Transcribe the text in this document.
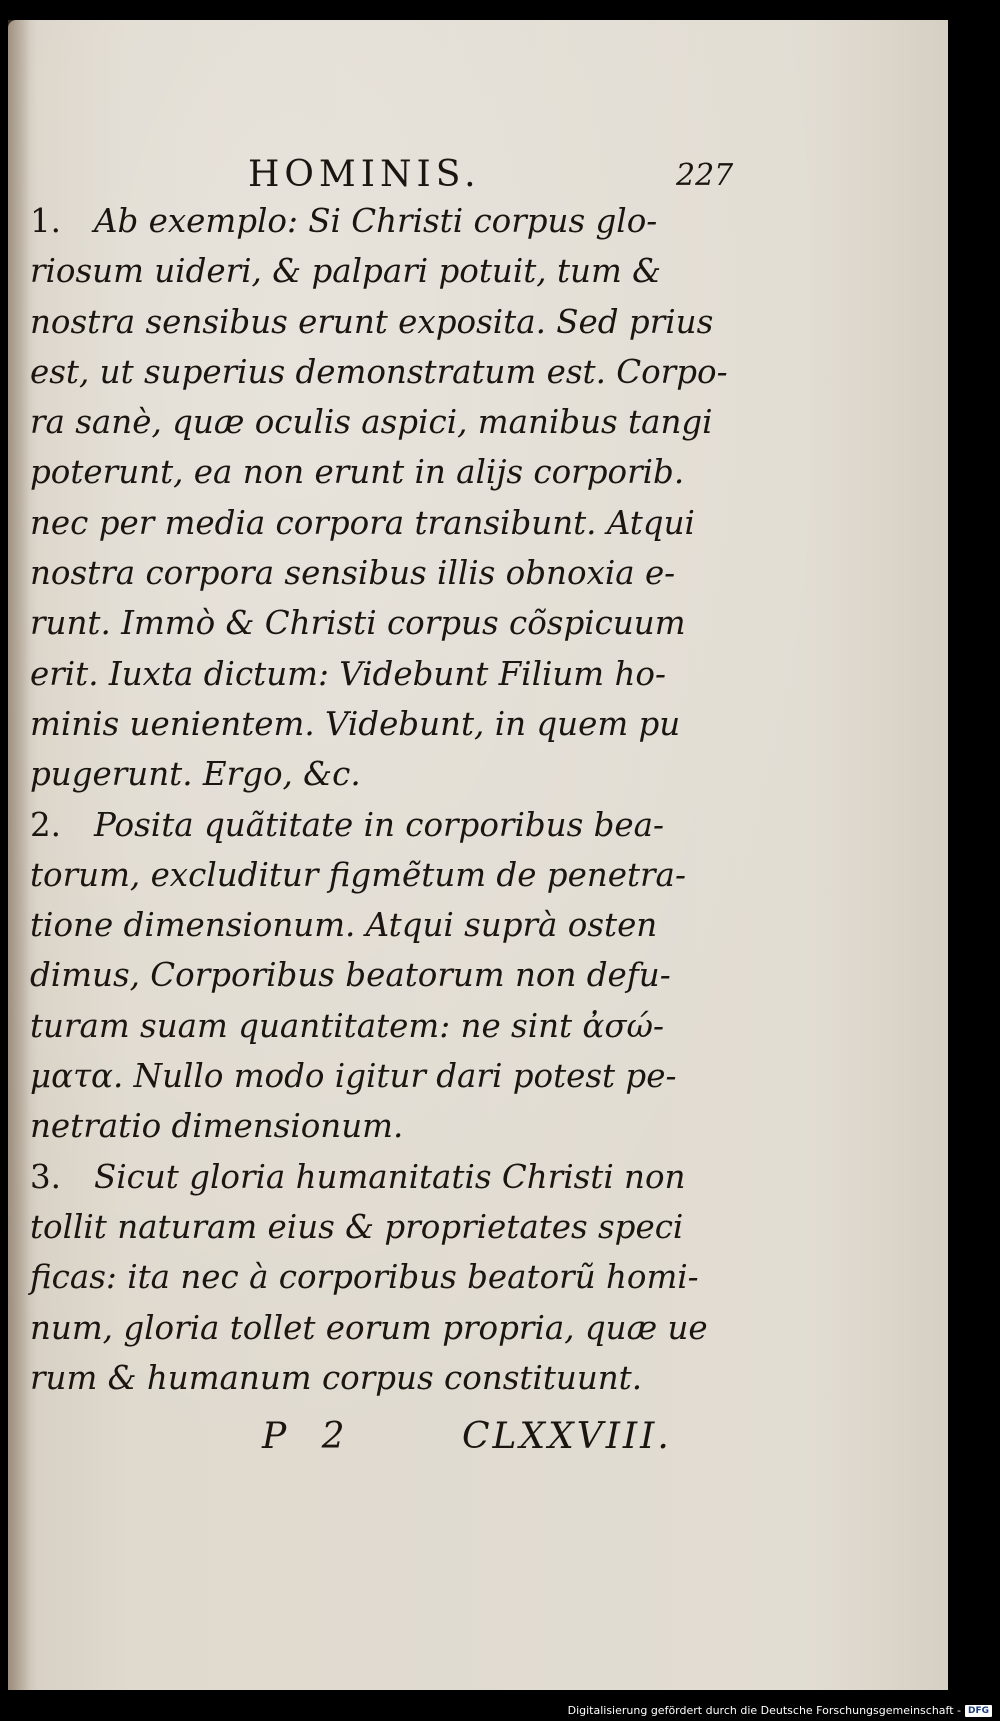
HOMINIS.	227
1. Ab exemplo: Si Christi corpus glo-
riosum uideri, & palpari potuit, tum &
nostra sensibus erunt exposita. Sed prius
est, ut superius demonstratum est. Corpo-
ra sanè, quæ oculis aspici, manibus tangi
poterunt, ea non erunt in alijs corporib.
nec per media corpora transibunt. Atqui
nostra corpora sensibus illis obnoxia e-
runt. Immò & Christi corpus cõspicuum
erit. Iuxta dictum: Videbunt Filium ho-
minis uenientem. Videbunt, in quem pu
pugerunt. Ergo, &c.
2. Posita quãtitate in corporibus bea-
torum, excluditur figmẽtum de penetra-
tione dimensionum. Atqui suprà osten
dimus, Corporibus beatorum non defu-
turam suam quantitatem: ne sint ἀσώ-
ματα. Nullo modo igitur dari potest pe-
netratio dimensionum.
3. Sicut gloria humanitatis Christi non
tollit naturam eius & proprietates speci
ficas: ita nec à corporibus beatorũ homi-
num, gloria tollet eorum propria, quæ ue
rum & humanum corpus constituunt.
P 2	CLXXVIII.
Digitalisierung gefördert durch die Deutsche Forschungsgemeinschaft - DFG
